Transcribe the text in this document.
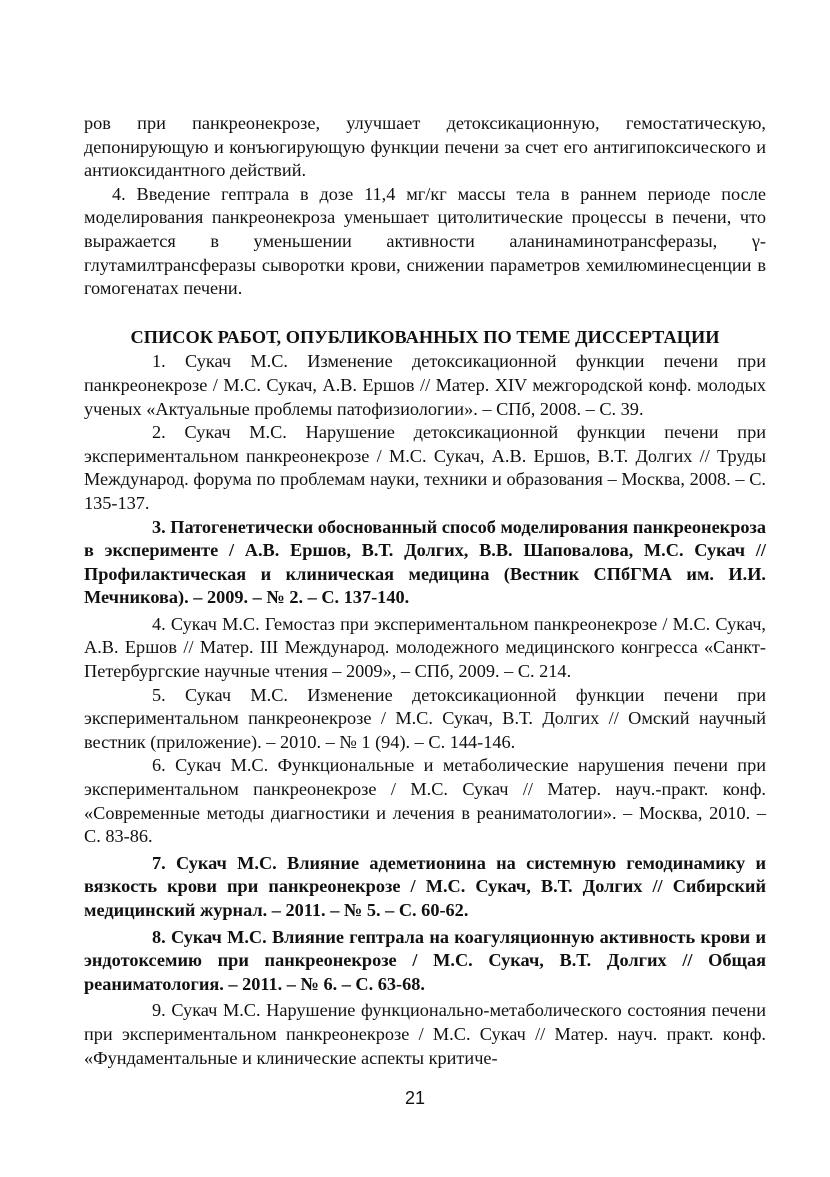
ров при панкреонекрозе, улучшает детоксикационную, гемостатическую, депонирующую и конъюгирующую функции печени за счет его антигипоксического и антиоксидантного действий.

4. Введение гептрала в дозе 11,4 мг/кг массы тела в раннем периоде после моделирования панкреонекроза уменьшает цитолитические процессы в печени, что выражается в уменьшении активности аланинаминотрансферазы, γ-глутамилтрансферазы сыворотки крови, снижении параметров хемилюминесценции в гомогенатах печени.

СПИСОК РАБОТ, ОПУБЛИКОВАННЫХ ПО ТЕМЕ ДИССЕРТАЦИИ

1. Сукач М.С. Изменение детоксикационной функции печени при панкреонекрозе / М.С. Сукач, А.В. Ершов // Матер. XIV межгородской конф. молодых ученых «Актуальные проблемы патофизиологии». – СПб, 2008. – С. 39.

2. Сукач М.С. Нарушение детоксикационной функции печени при экспериментальном панкреонекрозе / М.С. Сукач, А.В. Ершов, В.Т. Долгих // Труды Международ. форума по проблемам науки, техники и образования – Москва, 2008. – С. 135-137.

3. Патогенетически обоснованный способ моделирования панкреонекроза в эксперименте / А.В. Ершов, В.Т. Долгих, В.В. Шаповалова, М.С. Сукач // Профилактическая и клиническая медицина (Вестник СПбГМА им. И.И. Мечникова). – 2009. – № 2. – С. 137-140.

4. Сукач М.С. Гемостаз при экспериментальном панкреонекрозе / М.С. Сукач, А.В. Ершов // Матер. III Международ. молодежного медицинского конгресса «Санкт- Петербургские научные чтения – 2009», – СПб, 2009. – С. 214.

5. Сукач М.С. Изменение детоксикационной функции печени при экспериментальном панкреонекрозе / М.С. Сукач, В.Т. Долгих // Омский научный вестник (приложение). – 2010. – № 1 (94). – С. 144-146.

6. Сукач М.С. Функциональные и метаболические нарушения печени при экспериментальном панкреонекрозе / М.С. Сукач // Матер. науч.-практ. конф. «Современные методы диагностики и лечения в реаниматологии». – Москва, 2010. – С. 83-86.

7. Сукач М.С. Влияние адеметионина на системную гемодинамику и вязкость крови при панкреонекрозе / М.С. Сукач, В.Т. Долгих // Сибирский медицинский журнал. – 2011. – № 5. – С. 60-62.

8. Сукач М.С. Влияние гептрала на коагуляционную активность крови и эндотоксемию при панкреонекрозе / М.С. Сукач, В.Т. Долгих // Общая реаниматология. – 2011. – № 6. – С. 63-68.

9. Сукач М.С. Нарушение функционально-метаболического состояния печени при экспериментальном панкреонекрозе / М.С. Сукач // Матер. науч. практ. конф. «Фундаментальные и клинические аспекты критиче-

21
